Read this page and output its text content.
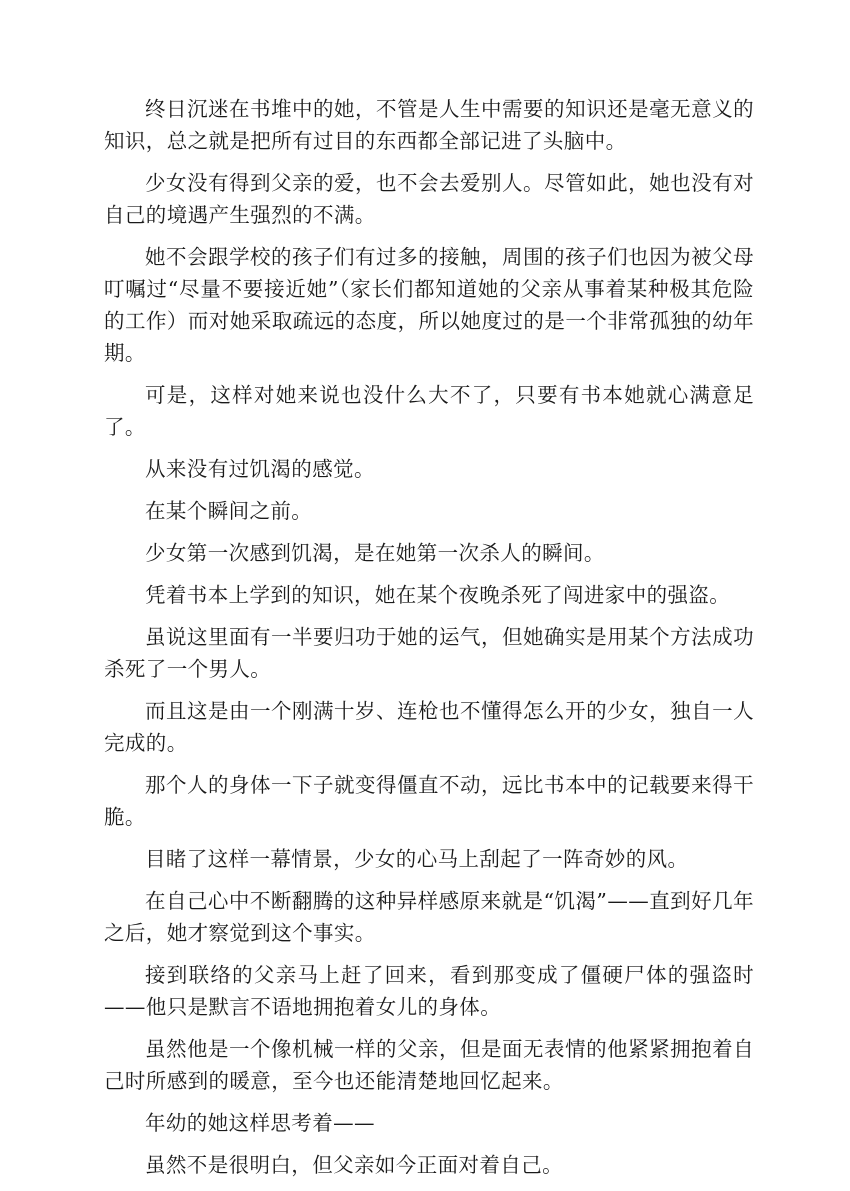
终日沉迷在书堆中的她，不管是人生中需要的知识还是毫无意义的知识，总之就是把所有过目的东西都全部记进了头脑中。

少女没有得到父亲的爱，也不会去爱别人。尽管如此，她也没有对自己的境遇产生强烈的不满。

她不会跟学校的孩子们有过多的接触，周围的孩子们也因为被父母叮嘱过“尽量不要接近她”（家长们都知道她的父亲从事着某种极其危险的工作）而对她采取疏远的态度，所以她度过的是一个非常孤独的幼年期。

可是，这样对她来说也没什么大不了，只要有书本她就心满意足了。

从来没有过饥渴的感觉。

在某个瞬间之前。

少女第一次感到饥渴，是在她第一次杀人的瞬间。

凭着书本上学到的知识，她在某个夜晚杀死了闯进家中的强盗。

虽说这里面有一半要归功于她的运气，但她确实是用某个方法成功杀死了一个男人。

而且这是由一个刚满十岁、连枪也不懂得怎么开的少女，独自一人完成的。

那个人的身体一下子就变得僵直不动，远比书本中的记载要来得干脆。

目睹了这样一幕情景，少女的心马上刮起了一阵奇妙的风。

在自己心中不断翻腾的这种异样感原来就是“饥渴”——直到好几年之后，她才察觉到这个事实。

接到联络的父亲马上赶了回来，看到那变成了僵硬尸体的强盗时——他只是默言不语地拥抱着女儿的身体。

虽然他是一个像机械一样的父亲，但是面无表情的他紧紧拥抱着自己时所感到的暖意，至今也还能清楚地回忆起来。

年幼的她这样思考着——

虽然不是很明白，但父亲如今正面对着自己。
